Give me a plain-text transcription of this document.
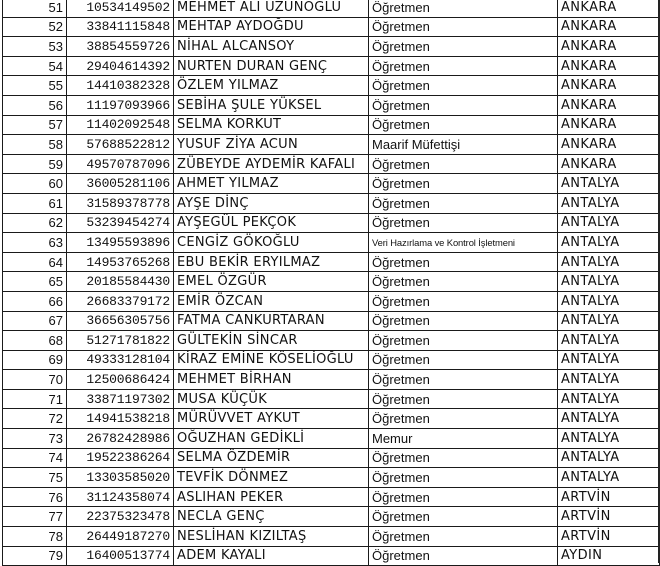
51	10534149502	MEHMET ALİ UZUNOĞLU	Öğretmen	ANKARA
52	33841115848	MEHTAP AYDOĞDU	Öğretmen	ANKARA
53	38854559726	NİHAL ALCANSOY	Öğretmen	ANKARA
54	29404614392	NURTEN DURAN GENÇ	Öğretmen	ANKARA
55	14410382328	ÖZLEM YILMAZ	Öğretmen	ANKARA
56	11197093966	SEBİHA ŞULE YÜKSEL	Öğretmen	ANKARA
57	11402092548	SELMA KORKUT	Öğretmen	ANKARA
58	57688522812	YUSUF ZİYA ACUN	Maarif Müfettişi	ANKARA
59	49570787096	ZÜBEYDE AYDEMİR KAFALI	Öğretmen	ANKARA
60	36005281106	AHMET YILMAZ	Öğretmen	ANTALYA
61	31589378778	AYŞE DİNÇ	Öğretmen	ANTALYA
62	53239454274	AYŞEGÜL PEKÇOK	Öğretmen	ANTALYA
63	13495593896	CENGİZ GÖKOĞLU	Veri Hazırlama ve Kontrol İşletmeni	ANTALYA
64	14953765268	EBU BEKİR ERYILMAZ	Öğretmen	ANTALYA
65	20185584430	EMEL ÖZGÜR	Öğretmen	ANTALYA
66	26683379172	EMİR ÖZCAN	Öğretmen	ANTALYA
67	36656305756	FATMA CANKURTARAN	Öğretmen	ANTALYA
68	51271781822	GÜLTEKİN SİNCAR	Öğretmen	ANTALYA
69	49333128104	KİRAZ EMİNE KÖSELİOĞLU	Öğretmen	ANTALYA
70	12500686424	MEHMET BİRHAN	Öğretmen	ANTALYA
71	33871197302	MUSA KÜÇÜK	Öğretmen	ANTALYA
72	14941538218	MÜRÜVVET AYKUT	Öğretmen	ANTALYA
73	26782428986	OĞUZHAN GEDİKLİ	Memur	ANTALYA
74	19522386264	SELMA ÖZDEMİR	Öğretmen	ANTALYA
75	13303585020	TEVFİK DÖNMEZ	Öğretmen	ANTALYA
76	31124358074	ASLIHAN PEKER	Öğretmen	ARTVİN
77	22375323478	NECLA GENÇ	Öğretmen	ARTVİN
78	26449187270	NESLİHAN KIZILTAŞ	Öğretmen	ARTVİN
79	16400513774	ADEM KAYALI	Öğretmen	AYDIN
